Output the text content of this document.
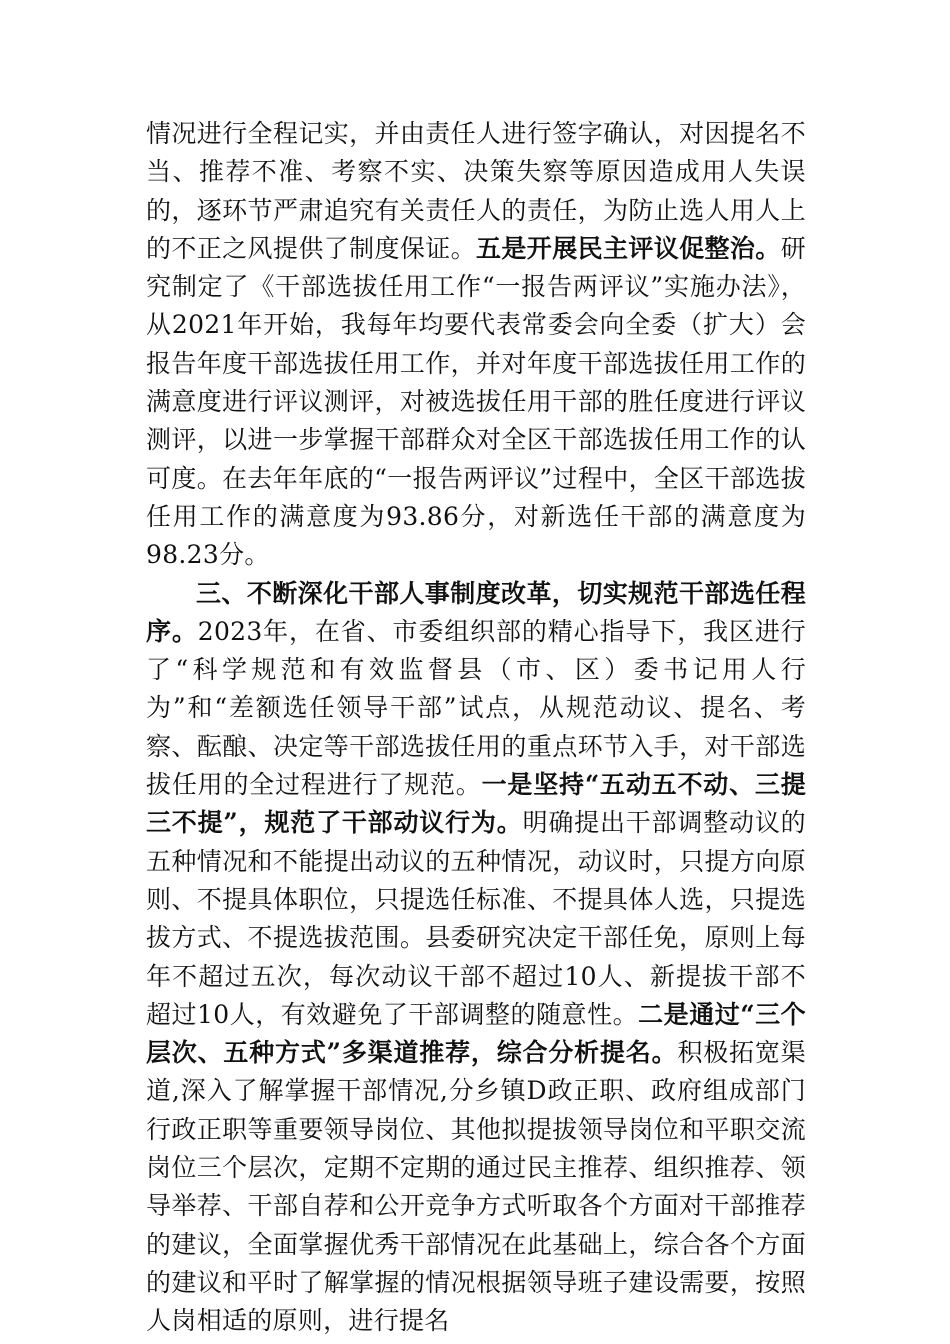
情况进行全程记实，并由责任人进行签字确认，对因提名不当、推荐不准、考察不实、决策失察等原因造成用人失误的，逐环节严肃追究有关责任人的责任，为防止选人用人上的不正之风提供了制度保证。五是开展民主评议促整治。研究制定了《干部选拔任用工作“一报告两评议”实施办法》，从2021年开始，我每年均要代表常委会向全委（扩大）会报告年度干部选拔任用工作，并对年度干部选拔任用工作的满意度进行评议测评，对被选拔任用干部的胜任度进行评议测评，以进一步掌握干部群众对全区干部选拔任用工作的认可度。在去年年底的“一报告两评议”过程中，全区干部选拔任用工作的满意度为93.86分，对新选任干部的满意度为98.23分。

三、不断深化干部人事制度改革，切实规范干部选任程序。2023年，在省、市委组织部的精心指导下，我区进行了“科学规范和有效监督县（市、区）委书记用人行为”和“差额选任领导干部”试点，从规范动议、提名、考察、酝酿、决定等干部选拔任用的重点环节入手，对干部选拔任用的全过程进行了规范。一是坚持“五动五不动、三提三不提”，规范了干部动议行为。明确提出干部调整动议的五种情况和不能提出动议的五种情况，动议时，只提方向原则、不提具体职位，只提选任标准、不提具体人选，只提选拔方式、不提选拔范围。县委研究决定干部任免，原则上每年不超过五次，每次动议干部不超过10人、新提拔干部不超过10人，有效避免了干部调整的随意性。二是通过“三个层次、五种方式”多渠道推荐，综合分析提名。积极拓宽渠道,深入了解掌握干部情况,分乡镇D政正职、政府组成部门行政正职等重要领导岗位、其他拟提拔领导岗位和平职交流岗位三个层次，定期不定期的通过民主推荐、组织推荐、领导举荐、干部自荐和公开竞争方式听取各个方面对干部推荐的建议，全面掌握优秀干部情况在此基础上，综合各个方面的建议和平时了解掌握的情况根据领导班子建设需要，按照人岗相适的原则，进行提名
